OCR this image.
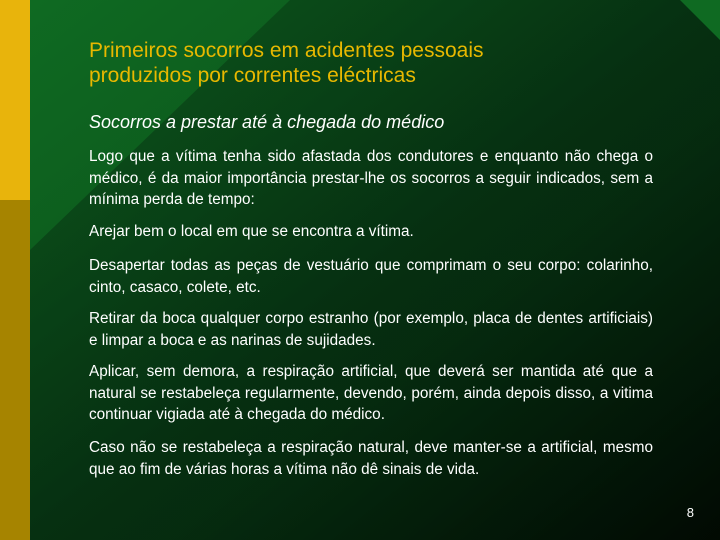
Primeiros socorros em acidentes pessoais
produzidos por correntes eléctricas

Socorros a prestar até à chegada do médico

Logo que a vítima tenha sido afastada dos condutores e enquanto não chega o médico, é da maior importância prestar-lhe os socorros a seguir indicados, sem a mínima perda de tempo:

Arejar bem o local em que se encontra a vítima.

Desapertar todas as peças de vestuário que comprimam o seu corpo: colarinho, cinto, casaco, colete, etc.

Retirar da boca qualquer corpo estranho (por exemplo, placa de dentes artificiais) e limpar a boca e as narinas de sujidades.

Aplicar, sem demora, a respiração artificial, que deverá ser mantida até que a natural se restabeleça regularmente, devendo, porém, ainda depois disso, a vitima continuar vigiada até à chegada do médico.

Caso não se restabeleça a respiração natural, deve manter-se a artificial, mesmo que ao fim de várias horas a vítima não dê sinais de vida.

8
